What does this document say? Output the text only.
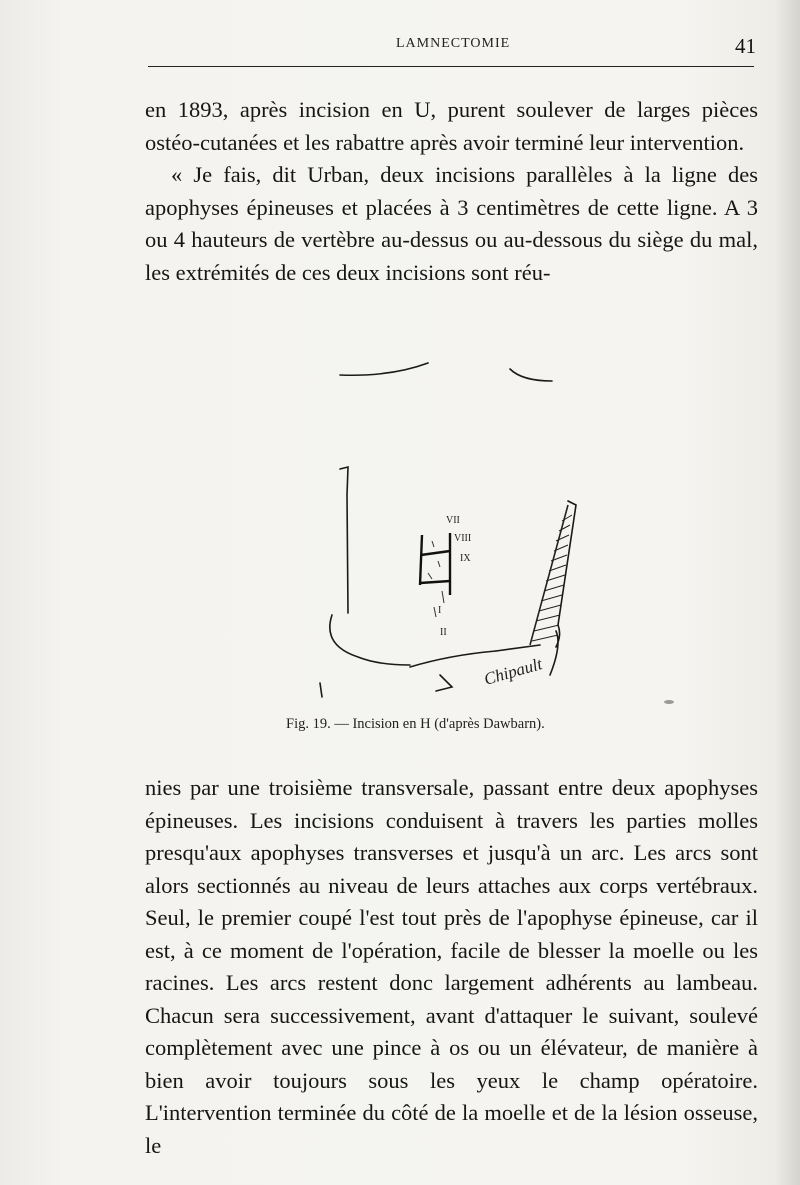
LAMNECTOMIE	41

en 1893, après incision en U, purent soulever de larges pièces ostéo-cutanées et les rabattre après avoir terminé leur intervention.

« Je fais, dit Urban, deux incisions parallèles à la ligne des apophyses épineuses et placées à 3 centimètres de cette ligne. A 3 ou 4 hauteurs de vertèbre au-dessus ou au-dessous du siège du mal, les extrémités de ces deux incisions sont réu-

VII
VIII
IX
I
II
Chipault
Fig. 19. — Incision en H (d'après Dawbarn).

nies par une troisième transversale, passant entre deux apophyses épineuses. Les incisions conduisent à travers les parties molles presqu'aux apophyses transverses et jusqu'à un arc. Les arcs sont alors sectionnés au niveau de leurs attaches aux corps vertébraux. Seul, le premier coupé l'est tout près de l'apophyse épineuse, car il est, à ce moment de l'opération, facile de blesser la moelle ou les racines. Les arcs restent donc largement adhérents au lambeau. Chacun sera successivement, avant d'attaquer le suivant, soulevé complètement avec une pince à os ou un élévateur, de manière à bien avoir toujours sous les yeux le champ opératoire. L'intervention terminée du côté de la moelle et de la lésion osseuse, le
